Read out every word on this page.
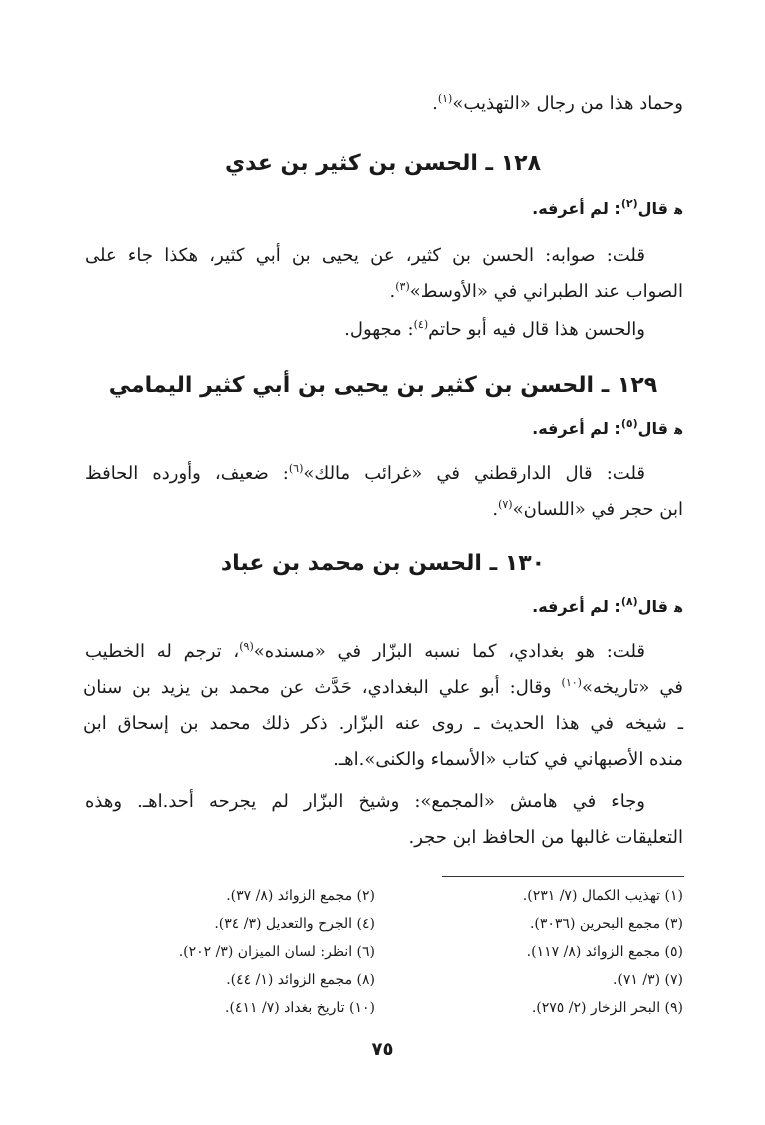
وحماد هذا من رجال «التهذيب»$^{(١)}$.
١٢٨ ـ الحسن بن كثير بن عدي
ﻫقال$^{(٢)}$: لم أعرفه.
قلت: صوابه: الحسن بن كثير، عن يحيى بن أبي كثير، هكذا جاء على
الصواب عند الطبراني في «الأوسط»$^{(٣)}$.
والحسن هذا قال فيه أبو حاتم$^{(٤)}$: مجهول.
١٢٩ ـ الحسن بن كثير بن يحيى بن أبي كثير اليمامي
ﻫقال$^{(٥)}$: لم أعرفه.
قلت: قال الدارقطني في «غرائب مالك»$^{(٦)}$: ضعيف، وأورده الحافظ
ابن حجر في «اللسان»$^{(٧)}$.
١٣٠ ـ الحسن بن محمد بن عباد
ﻫقال$^{(٨)}$: لم أعرفه.
قلت: هو بغدادي، كما نسبه البزّار في «مسنده»$^{(٩)}$، ترجم له الخطيب
في «تاريخه»$^{(١٠)}$ وقال: أبو علي البغدادي، حَدَّث عن محمد بن يزيد بن سنان
ـ شيخه في هذا الحديث ـ روى عنه البزّار. ذكر ذلك محمد بن إسحاق ابن
منده الأصبهاني في كتاب «الأسماء والكنى».اهـ.
وجاء في هامش «المجمع»: وشيخ البزّار لم يجرحه أحد.اهـ. وهذه
التعليقات غالبها من الحافظ ابن حجر.
(١) تهذيب الكمال (٧/ ٢٣١).
(٣) مجمع البحرين (٣٠٣٦).
(٥) مجمع الزوائد (٨/ ١١٧).
(٧) (٣/ ٧١).
(٩) البحر الزخار (٢/ ٢٧٥).
(٢) مجمع الزوائد (٨/ ٣٧).
(٤) الجرح والتعديل (٣/ ٣٤).
(٦) انظر: لسان الميزان (٣/ ٢٠٢).
(٨) مجمع الزوائد (١/ ٤٤).
(١٠) تاريخ بغداد (٧/ ٤١١).
٧٥
